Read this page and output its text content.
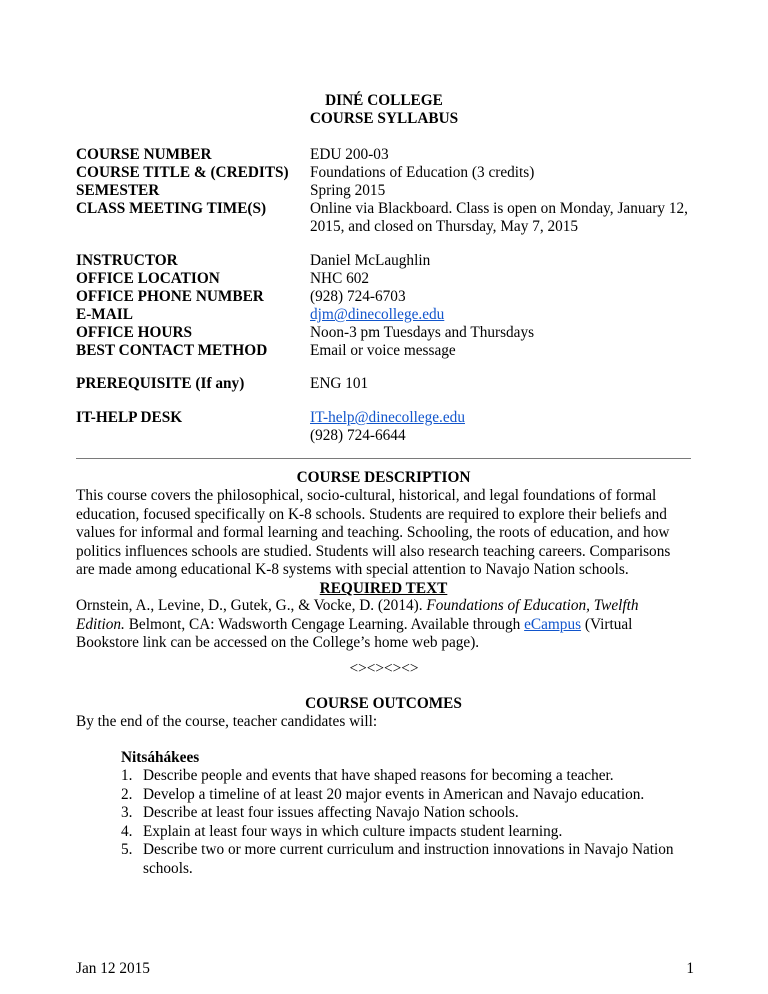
DINÉ COLLEGE
COURSE SYLLABUS
COURSE NUMBER	EDU 200-03
COURSE TITLE & (CREDITS) Foundations of Education (3 credits)
SEMESTER	Spring 2015
CLASS MEETING TIME(S)	Online via Blackboard. Class is open on Monday, January 12, 2015, and closed on Thursday, May 7, 2015
INSTRUCTOR	Daniel McLaughlin
OFFICE LOCATION	NHC 602
OFFICE PHONE NUMBER	(928) 724-6703
E-MAIL	djm@dinecollege.edu
OFFICE HOURS	Noon-3 pm Tuesdays and Thursdays
BEST CONTACT METHOD	Email or voice message
PREREQUISITE (If any)	ENG 101
IT-HELP DESK	IT-help@dinecollege.edu
(928) 724-6644
COURSE DESCRIPTION
This course covers the philosophical, socio-cultural, historical, and legal foundations of formal education, focused specifically on K-8 schools. Students are required to explore their beliefs and values for informal and formal learning and teaching. Schooling, the roots of education, and how politics influences schools are studied. Students will also research teaching careers. Comparisons are made among educational K-8 systems with special attention to Navajo Nation schools.
REQUIRED TEXT
Ornstein, A., Levine, D., Gutek, G., & Vocke, D. (2014). Foundations of Education, Twelfth Edition. Belmont, CA: Wadsworth Cengage Learning. Available through eCampus (Virtual Bookstore link can be accessed on the College’s home web page).
<><><><>
COURSE OUTCOMES
By the end of the course, teacher candidates will:
Nitsáhákees
1. Describe people and events that have shaped reasons for becoming a teacher.
2. Develop a timeline of at least 20 major events in American and Navajo education.
3. Describe at least four issues affecting Navajo Nation schools.
4. Explain at least four ways in which culture impacts student learning.
5. Describe two or more current curriculum and instruction innovations in Navajo Nation schools.
Jan 12 2015	1
